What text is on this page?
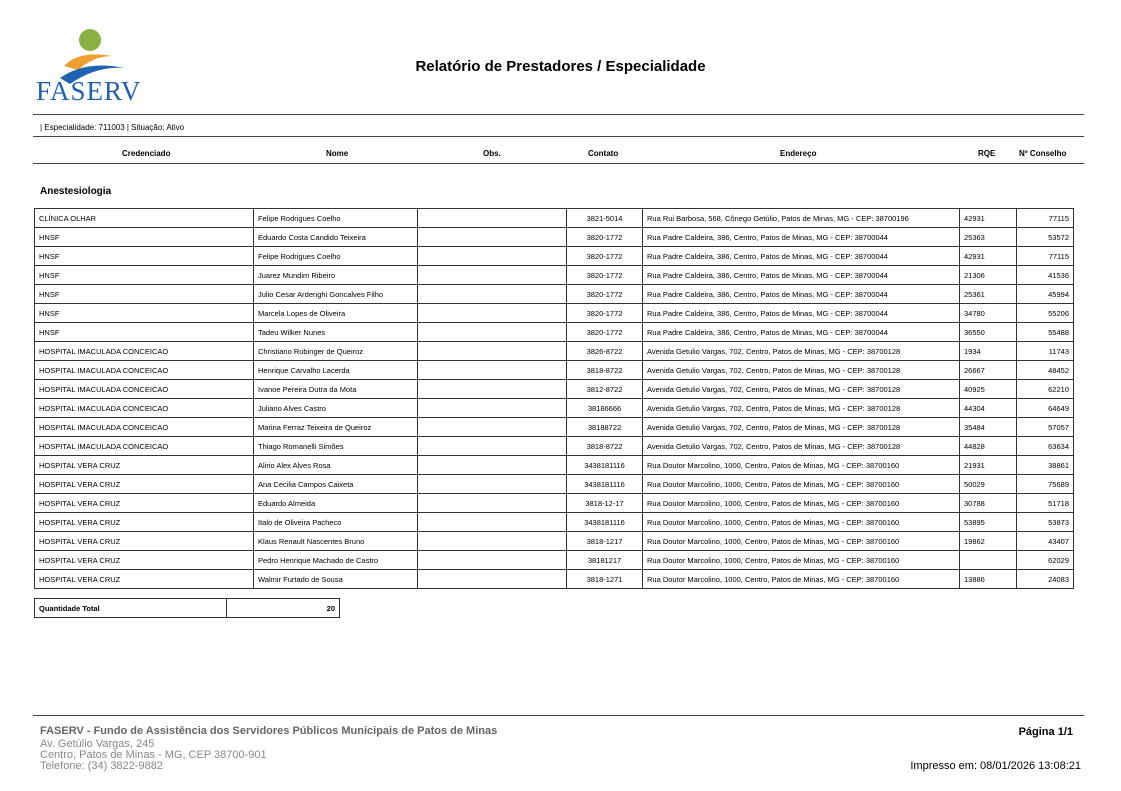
FASERV
Relatório de Prestadores / Especialidade
| Especialidade: 711003 | Situação: Ativo
Credenciado	Nome	Obs.	Contato	Endereço	RQE	Nº Conselho
Anestesiologia
CLÍNICA OLHAR	Felipe Rodrigues Coelho		3821-5014	Rua Rui Barbosa, 568, Cônego Getúlio, Patos de Minas, MG - CEP: 38700196	42931	77115
HNSF	Eduardo Costa Candido Teixeira		3820-1772	Rua Padre Caldeira, 386, Centro, Patos de Minas, MG - CEP: 38700044	25363	53572
HNSF	Felipe Rodrigues Coelho		3820-1772	Rua Padre Caldeira, 386, Centro, Patos de Minas, MG - CEP: 38700044	42931	77115
HNSF	Juarez Mundim Ribeiro		3820-1772	Rua Padre Caldeira, 386, Centro, Patos de Minas, MG - CEP: 38700044	21306	41536
HNSF	Julio Cesar Ardenghi Goncalves Filho		3820-1772	Rua Padre Caldeira, 386, Centro, Patos de Minas, MG - CEP: 38700044	25361	45994
HNSF	Marcela Lopes de Oliveira		3820-1772	Rua Padre Caldeira, 386, Centro, Patos de Minas, MG - CEP: 38700044	34780	55206
HNSF	Tadeu Wilker Nunes		3820-1772	Rua Padre Caldeira, 386, Centro, Patos de Minas, MG - CEP: 38700044	36550	55488
HOSPITAL IMACULADA CONCEICAO	Christiano Rubinger de Queiroz		3826-8722	Avenida Getulio Vargas, 702, Centro, Patos de Minas, MG - CEP: 38700128	1934	11743
HOSPITAL IMACULADA CONCEICAO	Henrique Carvalho Lacerda		3818-8722	Avenida Getulio Vargas, 702, Centro, Patos de Minas, MG - CEP: 38700128	26667	48452
HOSPITAL IMACULADA CONCEICAO	Ivanoe Pereira Dutra da Mota		3812-8722	Avenida Getulio Vargas, 702, Centro, Patos de Minas, MG - CEP: 38700128	40925	62210
HOSPITAL IMACULADA CONCEICAO	Juliano Alves Castro		38186666	Avenida Getulio Vargas, 702, Centro, Patos de Minas, MG - CEP: 38700128	44304	64649
HOSPITAL IMACULADA CONCEICAO	Marina Ferraz Teixeira de Queiroz		38188722	Avenida Getulio Vargas, 702, Centro, Patos de Minas, MG - CEP: 38700128	35484	57057
HOSPITAL IMACULADA CONCEICAO	Thiago Romanelli Simões		3818-8722	Avenida Getulio Vargas, 702, Centro, Patos de Minas, MG - CEP: 38700128	44828	63634
HOSPITAL VERA CRUZ	Alirio Alex Alves Rosa		3438181116	Rua Doutor Marcolino, 1000, Centro, Patos de Minas, MG - CEP: 38700160	21931	38861
HOSPITAL VERA CRUZ	Ana Cecilia Campos Caixeta		3438181116	Rua Doutor Marcolino, 1000, Centro, Patos de Minas, MG - CEP: 38700160	50029	75689
HOSPITAL VERA CRUZ	Eduardo Almeida		3818-12-17	Rua Doutor Marcolino, 1000, Centro, Patos de Minas, MG - CEP: 38700160	30788	51718
HOSPITAL VERA CRUZ	Italo de Oliveira Pacheco		3438181116	Rua Doutor Marcolino, 1000, Centro, Patos de Minas, MG - CEP: 38700160	53895	53873
HOSPITAL VERA CRUZ	Klaus Renault Nascentes Bruno		3818-1217	Rua Doutor Marcolino, 1000, Centro, Patos de Minas, MG - CEP: 38700160	19862	43407
HOSPITAL VERA CRUZ	Pedro Henrique Machado de Castro		38181217	Rua Doutor Marcolino, 1000, Centro, Patos de Minas, MG - CEP: 38700160		62029
HOSPITAL VERA CRUZ	Walmir Furtado de Sousa		3818-1271	Rua Doutor Marcolino, 1000, Centro, Patos de Minas, MG - CEP: 38700160	13886	24083
Quantidade Total	20
FASERV - Fundo de Assistência dos Servidores Públicos Municipais de Patos de Minas
Av. Getúlio Vargas, 245
Centro, Patos de Minas - MG, CEP 38700-901
Telefone: (34) 3822-9882
Página 1/1
Impresso em: 08/01/2026 13:08:21
